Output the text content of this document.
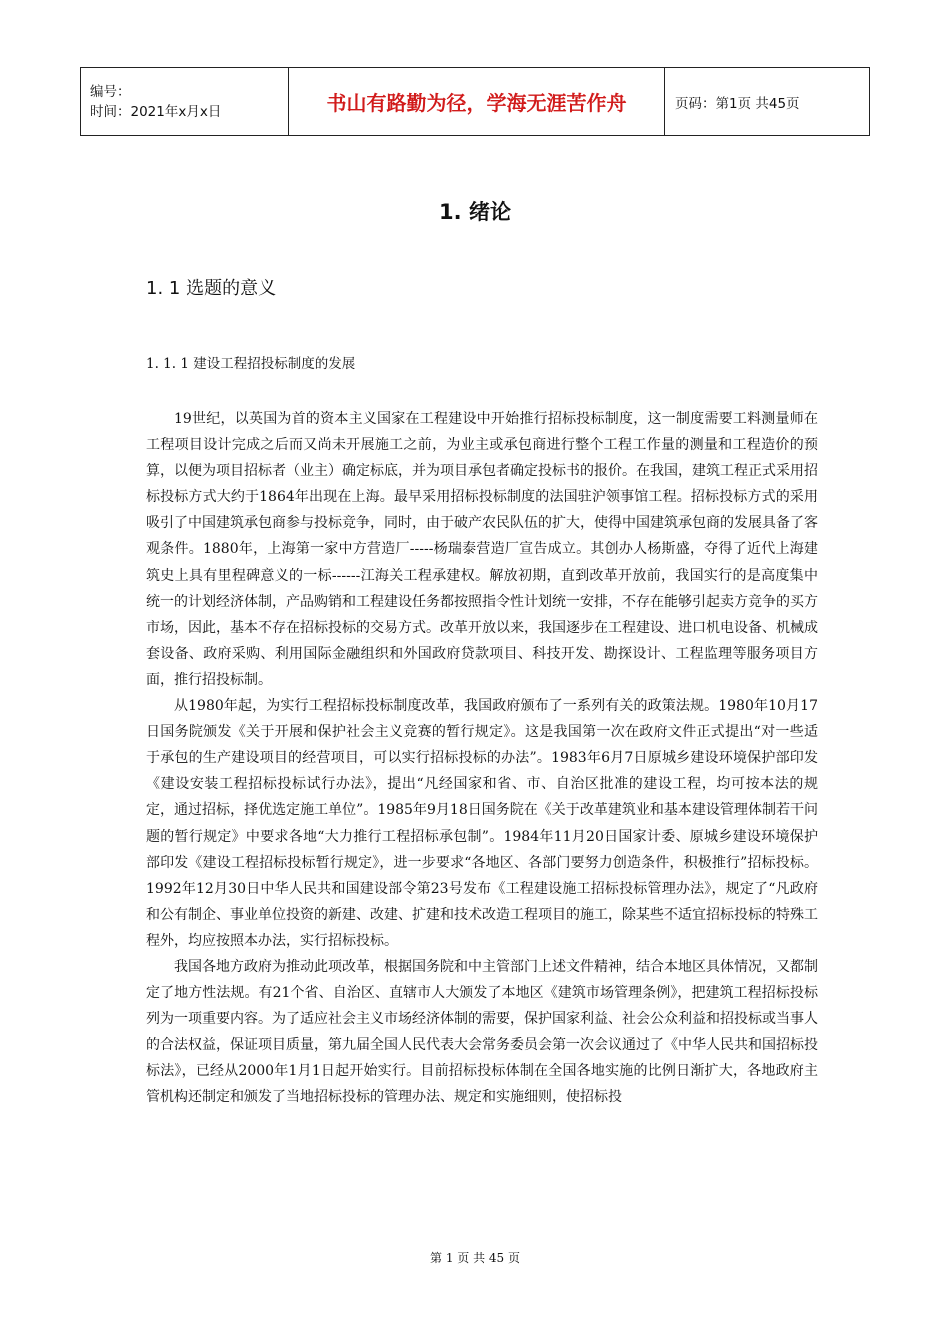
编号：
时间：2021年x月x日	书山有路勤为径，学海无涯苦作舟	页码：第1页 共45页
1. 绪论
1. 1 选题的意义
1. 1. 1 建设工程招投标制度的发展

19世纪，以英国为首的资本主义国家在工程建设中开始推行招标投标制度，这一制度需要工料测量师在工程项目设计完成之后而又尚未开展施工之前，为业主或承包商进行整个工程工作量的测量和工程造价的预算，以便为项目招标者（业主）确定标底，并为项目承包者确定投标书的报价。在我国，建筑工程正式采用招标投标方式大约于1864年出现在上海。最早采用招标投标制度的法国驻沪领事馆工程。招标投标方式的采用吸引了中国建筑承包商参与投标竞争，同时，由于破产农民队伍的扩大，使得中国建筑承包商的发展具备了客观条件。1880年，上海第一家中方营造厂-----杨瑞泰营造厂宣告成立。其创办人杨斯盛，夺得了近代上海建筑史上具有里程碑意义的一标------江海关工程承建权。解放初期，直到改革开放前，我国实行的是高度集中统一的计划经济体制，产品购销和工程建设任务都按照指令性计划统一安排，不存在能够引起卖方竞争的买方市场，因此，基本不存在招标投标的交易方式。改革开放以来，我国逐步在工程建设、进口机电设备、机械成套设备、政府采购、利用国际金融组织和外国政府贷款项目、科技开发、勘探设计、工程监理等服务项目方面，推行招投标制。

从1980年起，为实行工程招标投标制度改革，我国政府颁布了一系列有关的政策法规。1980年10月17日国务院颁发《关于开展和保护社会主义竞赛的暂行规定》。这是我国第一次在政府文件正式提出“对一些适于承包的生产建设项目的经营项目，可以实行招标投标的办法”。1983年6月7日原城乡建设环境保护部印发《建设安装工程招标投标试行办法》，提出“凡经国家和省、市、自治区批准的建设工程，均可按本法的规定，通过招标，择优选定施工单位”。1985年9月18日国务院在《关于改革建筑业和基本建设管理体制若干问题的暂行规定》中要求各地“大力推行工程招标承包制”。1984年11月20日国家计委、原城乡建设环境保护部印发《建设工程招标投标暂行规定》，进一步要求“各地区、各部门要努力创造条件，积极推行”招标投标。1992年12月30日中华人民共和国建设部令第23号发布《工程建设施工招标投标管理办法》，规定了“凡政府和公有制企、事业单位投资的新建、改建、扩建和技术改造工程项目的施工，除某些不适宜招标投标的特殊工程外，均应按照本办法，实行招标投标。

我国各地方政府为推动此项改革，根据国务院和中主管部门上述文件精神，结合本地区具体情况，又都制定了地方性法规。有21个省、自治区、直辖市人大颁发了本地区《建筑市场管理条例》，把建筑工程招标投标列为一项重要内容。为了适应社会主义市场经济体制的需要，保护国家利益、社会公众利益和招投标或当事人的合法权益，保证项目质量，第九届全国人民代表大会常务委员会第一次会议通过了《中华人民共和国招标投标法》，已经从2000年1月1日起开始实行。目前招标投标体制在全国各地实施的比例日渐扩大，各地政府主管机构还制定和颁发了当地招标投标的管理办法、规定和实施细则，使招标投

第 1 页 共 45 页
